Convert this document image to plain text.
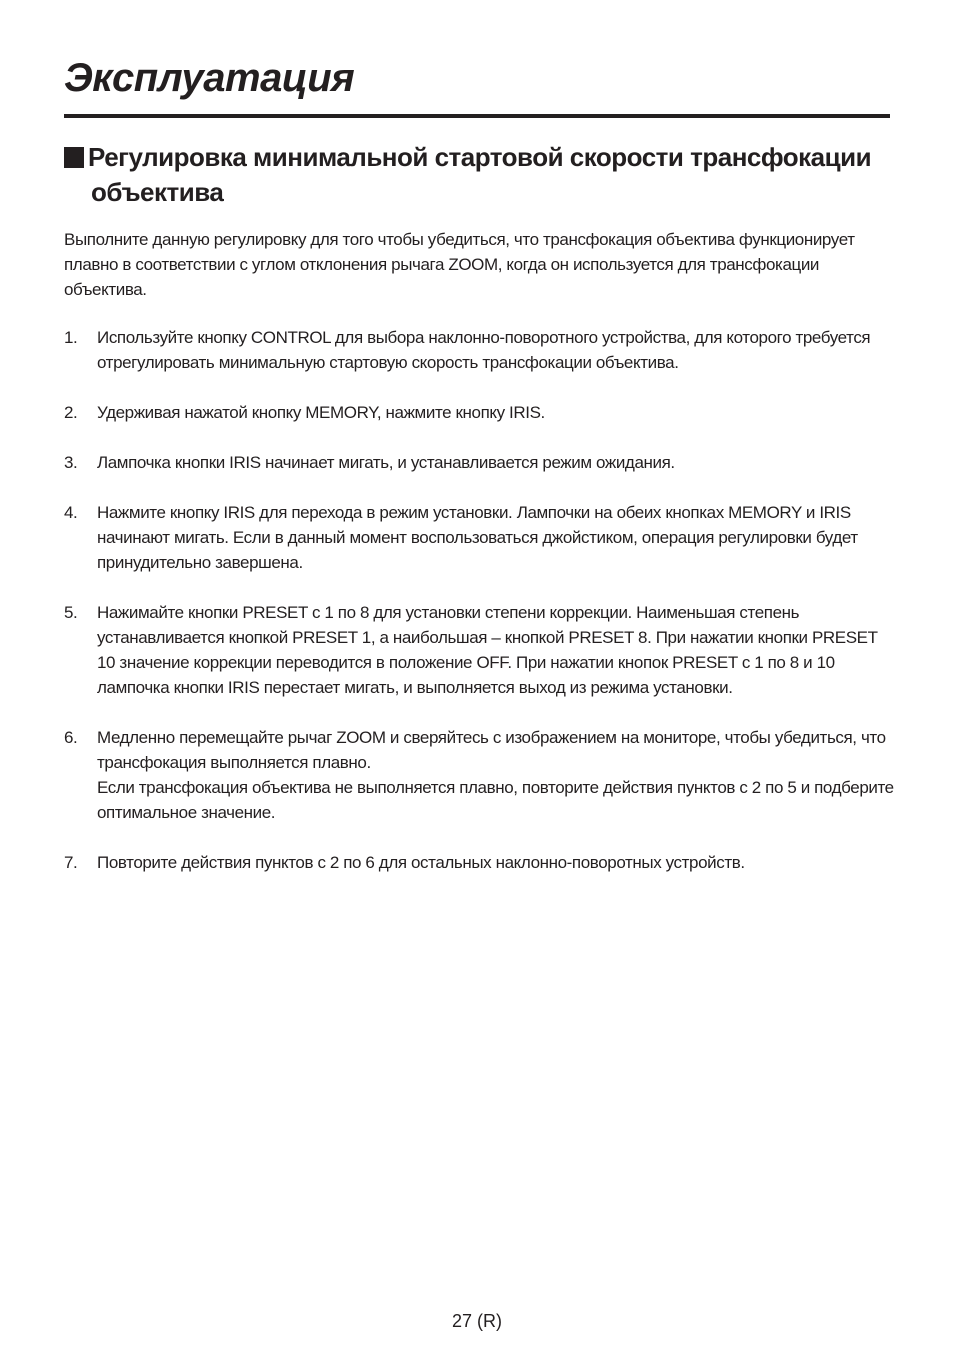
Эксплуатация
Регулировка минимальной стартовой скорости трансфокации
объектива

Выполните данную регулировку для того чтобы убедиться, что трансфокация объектива функционирует плавно в соответствии с углом отклонения рычага ZOOM, когда он используется для трансфокации объектива.

1. Используйте кнопку CONTROL для выбора наклонно-поворотного устройства, для которого требуется отрегулировать минимальную стартовую скорость трансфокации объектива.
2. Удерживая нажатой кнопку MEMORY, нажмите кнопку IRIS.
3. Лампочка кнопки IRIS начинает мигать, и устанавливается режим ожидания.
4. Нажмите кнопку IRIS для перехода в режим установки. Лампочки на обеих кнопках MEMORY и IRIS начинают мигать. Если в данный момент воспользоваться джойстиком, операция регулировки будет принудительно завершена.
5. Нажимайте кнопки PRESET с 1 по 8 для установки степени коррекции. Наименьшая степень устанавливается кнопкой PRESET 1, а наибольшая – кнопкой PRESET 8. При нажатии кнопки PRESET 10 значение коррекции переводится в положение OFF. При нажатии кнопок PRESET с 1 по 8 и 10 лампочка кнопки IRIS перестает мигать, и выполняется выход из режима установки.
6. Медленно перемещайте рычаг ZOOM и сверяйтесь с изображением на мониторе, чтобы убедиться, что трансфокация выполняется плавно.
Если трансфокация объектива не выполняется плавно, повторите действия пунктов с 2 по 5 и подберите оптимальное значение.
7. Повторите действия пунктов с 2 по 6 для остальных наклонно-поворотных устройств.
27 (R)
